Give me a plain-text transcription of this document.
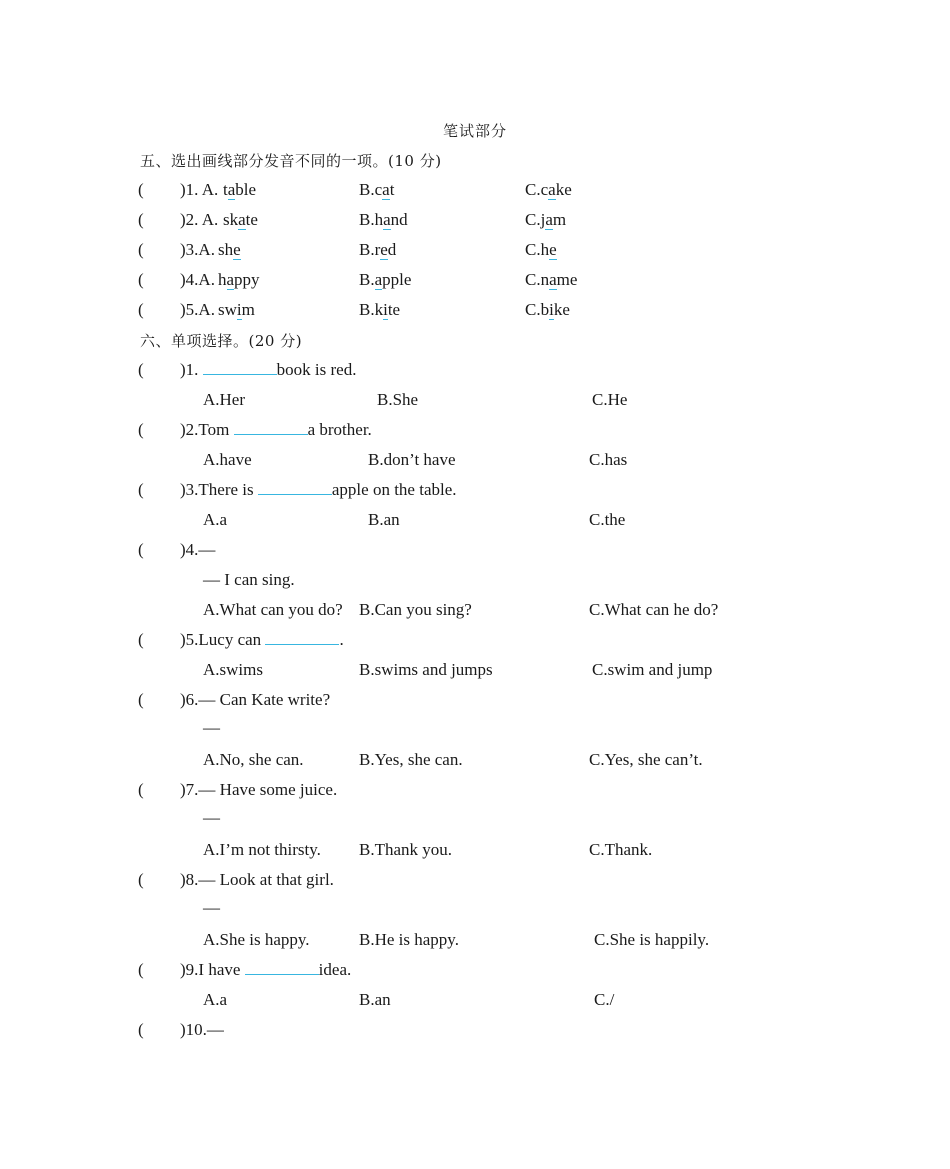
笔试部分
五、选出画线部分发音不同的一项。(10 分)
( )1. A. table	B.cat	C.cake
( )2. A. skate	B.hand	C.jam
( )3.A. she	B.red	C.he
( )4.A. happy	B.apple	C.name
( )5.A. swim	B.kite	C.bike
六、单项选择。(20 分)
( )1.	book is red.
A.Her	B.She	C.He
( )2.Tom	a brother.
A.have	B.don’t have	C.has
( )3.There is	apple on the table.
A.a	B.an	C.the
( )4.—
— I can sing.
A.What can you do? B.Can you sing?	C.What can he do?
( )5.Lucy can	.
A.swims	B.swims and jumps	C.swim and jump
( )6.— Can Kate write?
—
A.No, she can.	B.Yes, she can.	C.Yes, she can’t.
( )7.— Have some juice.
—
A.I’m not thirsty. B.Thank you.	C.Thank.
( )8.— Look at that girl.
—
A.She is happy.	B.He is happy.	C.She is happily.
( )9.I have	idea.
A.a	B.an	C./
( )10.—
